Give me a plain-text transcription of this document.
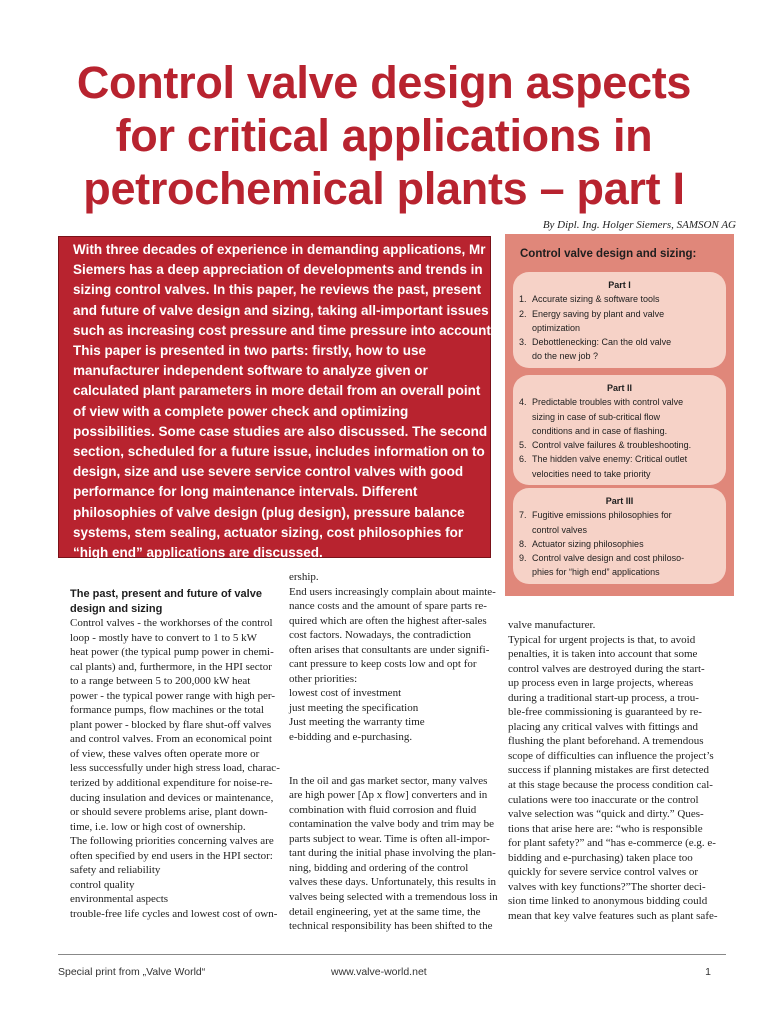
Control valve design aspects
for critical applications in
petrochemical plants – part I
By Dipl. Ing. Holger Siemers, SAMSON AG
With three decades of experience in demanding applications, Mr
Siemers has a deep appreciation of developments and trends in
sizing control valves. In this paper, he reviews the past, present
and future of valve design and sizing, taking all-important issues
such as increasing cost pressure and time pressure into account.
This paper is presented in two parts: firstly, how to use
manufacturer independent software to analyze given or
calculated plant parameters in more detail from an overall point
of view with a complete power check and optimizing
possibilities. Some case studies are also discussed. The second
section, scheduled for a future issue, includes information on to
design, size and use severe service control valves with good
performance for long maintenance intervals. Different
philosophies of valve design (plug design), pressure balance
systems, stem sealing, actuator sizing, cost philosophies for
“high end” applications are discussed.
Control valve design and sizing:
Part I
1. Accurate sizing & software tools
2. Energy saving by plant and valve
optimization
3. Debottlenecking: Can the old valve
do the new job ?
Part II
4. Predictable troubles with control valve
sizing in case of sub-critical flow
conditions and in case of flashing.
5. Control valve failures & troubleshooting.
6. The hidden valve enemy: Critical outlet
velocities need to take priority
Part III
7. Fugitive emissions philosophies for
control valves
8. Actuator sizing philosophies
9. Control valve design and cost philoso-
phies for “high end” applications
The past, present and future of valve
design and sizing
Control valves - the workhorses of the control
loop - mostly have to convert to 1 to 5 kW
heat power (the typical pump power in chemi-
cal plants) and, furthermore, in the HPI sector
to a range between 5 to 200,000 kW heat
power - the typical power range with high per-
formance pumps, flow machines or the total
plant power - blocked by flare shut-off valves
and control valves. From an economical point
of view, these valves often operate more or
less successfully under high stress load, charac-
terized by additional expenditure for noise-re-
ducing insulation and devices or maintenance,
or should severe problems arise, plant down-
time, i.e. low or high cost of ownership.
The following priorities concerning valves are
often specified by end users in the HPI sector:
safety and reliability
control quality
environmental aspects
trouble-free life cycles and lowest cost of own-
ership.
End users increasingly complain about mainte-
nance costs and the amount of spare parts re-
quired which are often the highest after-sales
cost factors. Nowadays, the contradiction
often arises that consultants are under signifi-
cant pressure to keep costs low and opt for
other priorities:
lowest cost of investment
just meeting the specification
Just meeting the warranty time
e-bidding and e-purchasing.
In the oil and gas market sector, many valves
are high power [Δp x flow] converters and in
combination with fluid corrosion and fluid
contamination the valve body and trim may be
parts subject to wear. Time is often all-impor-
tant during the initial phase involving the plan-
ning, bidding and ordering of the control
valves these days. Unfortunately, this results in
valves being selected with a tremendous loss in
detail engineering, yet at the same time, the
technical responsibility has been shifted to the
valve manufacturer.
Typical for urgent projects is that, to avoid
penalties, it is taken into account that some
control valves are destroyed during the start-
up process even in large projects, whereas
during a traditional start-up process, a trou-
ble-free commissioning is guaranteed by re-
placing any critical valves with fittings and
flushing the plant beforehand. A tremendous
scope of difficulties can influence the project’s
success if planning mistakes are first detected
at this stage because the process condition cal-
culations were too inaccurate or the control
valve selection was “quick and dirty.” Ques-
tions that arise here are: “who is responsible
for plant safety?” and “has e-commerce (e.g. e-
bidding and e-purchasing) taken place too
quickly for severe service control valves or
valves with key functions?”The shorter deci-
sion time linked to anonymous bidding could
mean that key valve features such as plant safe-
Special print from „Valve World“	www.valve-world.net	1
